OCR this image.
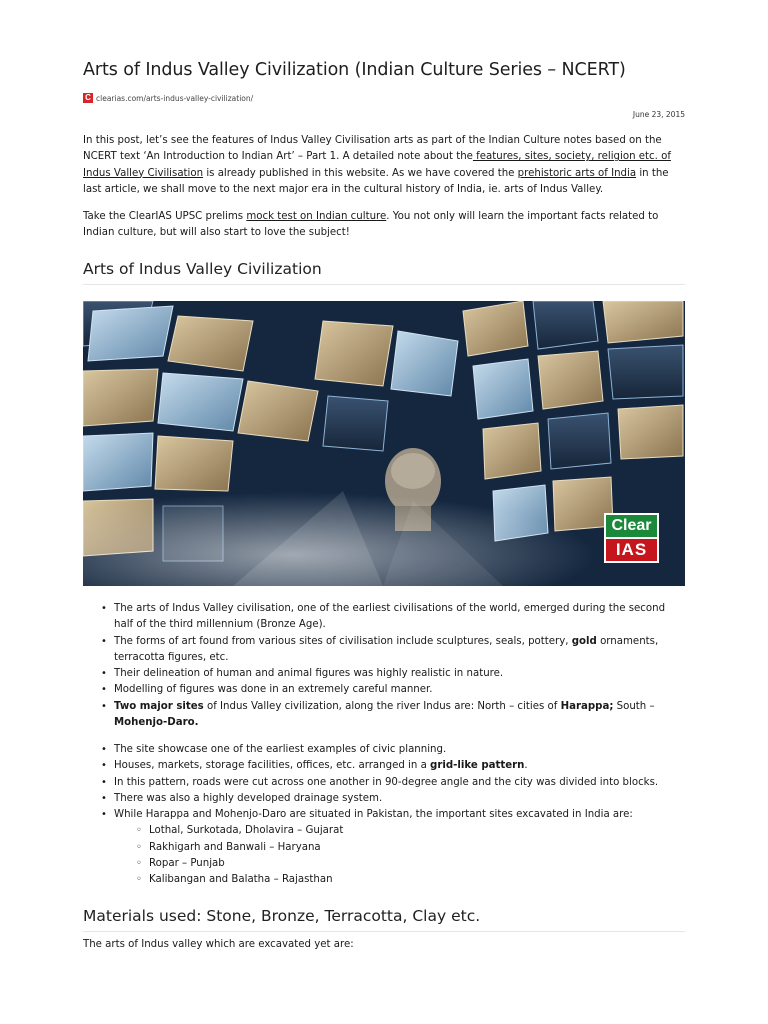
Arts of Indus Valley Civilization (Indian Culture Series – NCERT)
C clearias.com/arts-indus-valley-civilization/
June 23, 2015

In this post, let’s see the features of Indus Valley Civilisation arts as part of the Indian Culture notes based on the NCERT text ‘An Introduction to Indian Art’ – Part 1. A detailed note about the features, sites, society, religion etc. of Indus Valley Civilisation is already published in this website. As we have covered the prehistoric arts of India in the last article, we shall move to the next major era in the cultural history of India, ie. arts of Indus Valley.

Take the ClearIAS UPSC prelims mock test on Indian culture. You not only will learn the important facts related to Indian culture, but will also start to love the subject!

Arts of Indus Valley Civilization
Clear
IAS
• The arts of Indus Valley civilisation, one of the earliest civilisations of the world, emerged during the second half of the third millennium (Bronze Age).
• The forms of art found from various sites of civilisation include sculptures, seals, pottery, gold ornaments, terracotta figures, etc.
• Their delineation of human and animal figures was highly realistic in nature.
• Modelling of figures was done in an extremely careful manner.
• Two major sites of Indus Valley civilization, along the river Indus are: North – cities of Harappa; South – Mohenjo-Daro.
• The site showcase one of the earliest examples of civic planning.
• Houses, markets, storage facilities, offices, etc. arranged in a grid-like pattern.
• In this pattern, roads were cut across one another in 90-degree angle and the city was divided into blocks.
• There was also a highly developed drainage system.
• While Harappa and Mohenjo-Daro are situated in Pakistan, the important sites excavated in India are:
◦ Lothal, Surkotada, Dholavira – Gujarat
◦ Rakhigarh and Banwali – Haryana
◦ Ropar – Punjab
◦ Kalibangan and Balatha – Rajasthan
Materials used: Stone, Bronze, Terracotta, Clay etc.

The arts of Indus valley which are excavated yet are:
